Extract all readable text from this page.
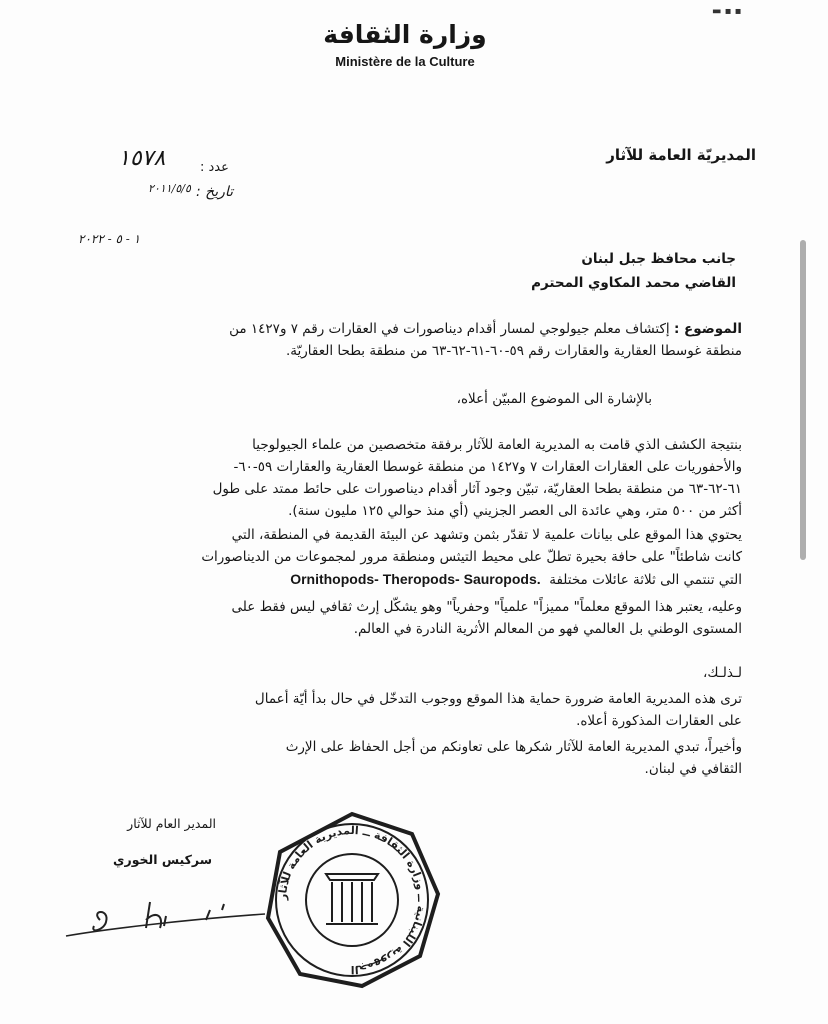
▬ ▪ ▪
وزارة الثقافة
Ministère de la Culture
المديريّة العامة للآثار
١٥٧٨	عدد :
٢٠١١/٥/٥ تاريخ :
١ - ٥ - ٢٠٢٢
جانب محافظ جبل لبنان
القاضي محمد المكاوي المحترم
الموضوع : إكتشاف معلم جيولوجي لمسار أقدام ديناصورات في العقارات رقم ٧ و١٤٢٧ من
منطقة غوسطا العقارية والعقارات رقم ٥٩-٦٠-٦١-٦٢-٦٣ من منطقة بطحا العقاريّة.
بالإشارة الى الموضوع المبيّن أعلاه،
بنتيجة الكشف الذي قامت به المديرية العامة للآثار برفقة متخصصين من علماء الجيولوجيا
والأحفوريات على العقارات العقارات ٧ و١٤٢٧ من منطقة غوسطا العقارية والعقارات ٥٩-٦٠-
٦١-٦٢-٦٣ من منطقة بطحا العقاريّة، تبيّن وجود آثار أقدام ديناصورات على حائط ممتد على طول
أكثر من ٥٠٠ متر، وهي عائدة الى العصر الجزيني (أي منذ حوالي ١٢٥ مليون سنة).
يحتوي هذا الموقع على بيانات علمية لا تقدّر بثمن وتشهد عن البيئة القديمة في المنطقة، التي
كانت شاطئاً" على حافة بحيرة تطلّ على محيط التيثس ومنطقة مرور لمجموعات من الديناصورات
التي تنتمي الى ثلاثة عائلات مختلفة  Ornithopods- Theropods- Sauropods.
وعليه، يعتبر هذا الموقع معلماً" مميزاً" علمياً" وحفرياً" وهو يشكّل إرث ثقافي ليس فقط على
المستوى الوطني بل العالمي فهو من المعالم الأثرية النادرة في العالم.
لـذلـك،
ترى هذه المديرية العامة ضرورة حماية هذا الموقع ووجوب التدخّل في حال بدأ أيّة أعمال
على العقارات المذكورة أعلاه.
وأخيراً، تبدي المديرية العامة للآثار شكرها على تعاونكم من أجل الحفاظ على الإرث
الثقافي في لبنان.
المدير العام للآثار
سركيس الخوري
الجمهورية اللبنانية ــ وزارة الثقافة ــ المديرية العامة للآثار
